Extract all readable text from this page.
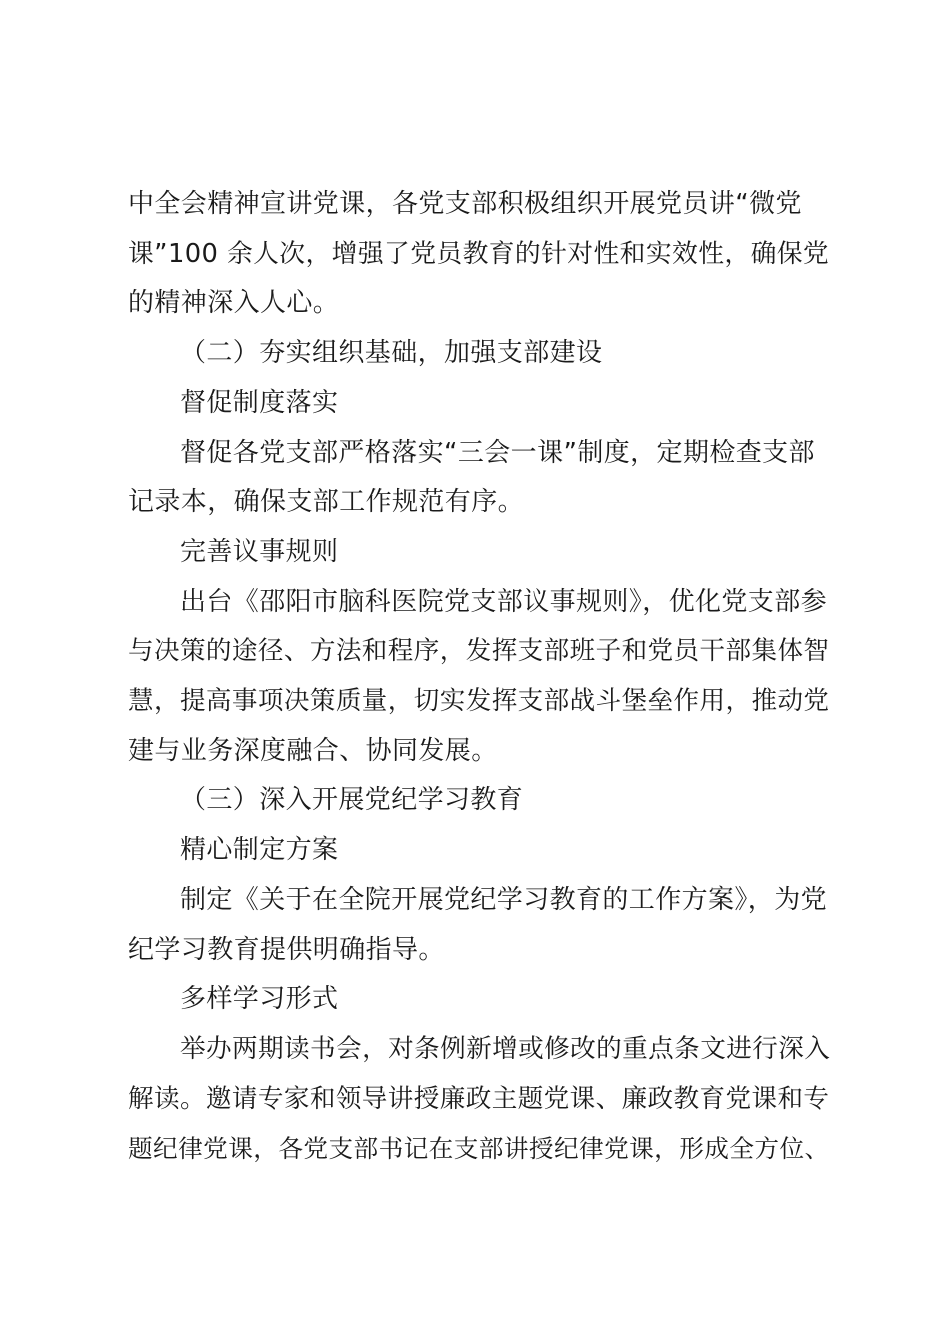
中全会精神宣讲党课，各党支部积极组织开展党员讲“微党
课”100 余人次，增强了党员教育的针对性和实效性，确保党
的精神深入人心。

（二）夯实组织基础，加强支部建设

督促制度落实

督促各党支部严格落实“三会一课”制度，定期检查支部
记录本，确保支部工作规范有序。

完善议事规则

出台《邵阳市脑科医院党支部议事规则》，优化党支部参
与决策的途径、方法和程序，发挥支部班子和党员干部集体智
慧，提高事项决策质量，切实发挥支部战斗堡垒作用，推动党
建与业务深度融合、协同发展。

（三）深入开展党纪学习教育

精心制定方案

制定《关于在全院开展党纪学习教育的工作方案》，为党
纪学习教育提供明确指导。

多样学习形式

举办两期读书会，对条例新增或修改的重点条文进行深入
解读。邀请专家和领导讲授廉政主题党课、廉政教育党课和专
题纪律党课，各党支部书记在支部讲授纪律党课，形成全方位、
